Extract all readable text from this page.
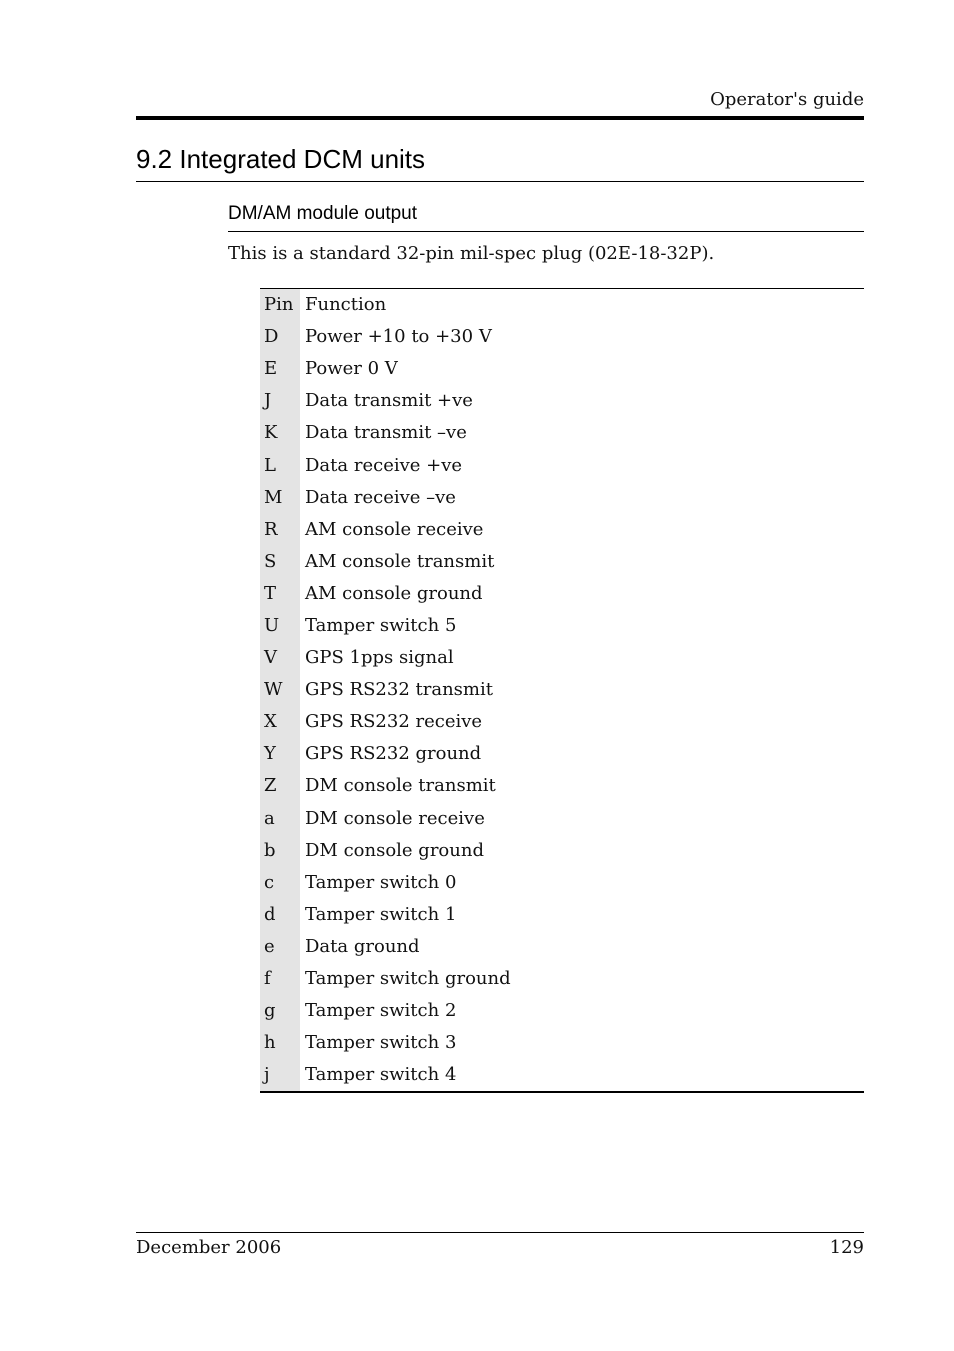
Operator's guide
9.2 Integrated DCM units
DM/AM module output

This is a standard 32-pin mil-spec plug (02E-18-32P).

Pin	Function
D	Power +10 to +30 V
E	Power 0 V
J	Data transmit +ve
K	Data transmit –ve
L	Data receive +ve
M	Data receive –ve
R	AM console receive
S	AM console transmit
T	AM console ground
U	Tamper switch 5
V	GPS 1pps signal
W	GPS RS232 transmit
X	GPS RS232 receive
Y	GPS RS232 ground
Z	DM console transmit
a	DM console receive
b	DM console ground
c	Tamper switch 0
d	Tamper switch 1
e	Data ground
f	Tamper switch ground
g	Tamper switch 2
h	Tamper switch 3
j	Tamper switch 4
December 2006	129
